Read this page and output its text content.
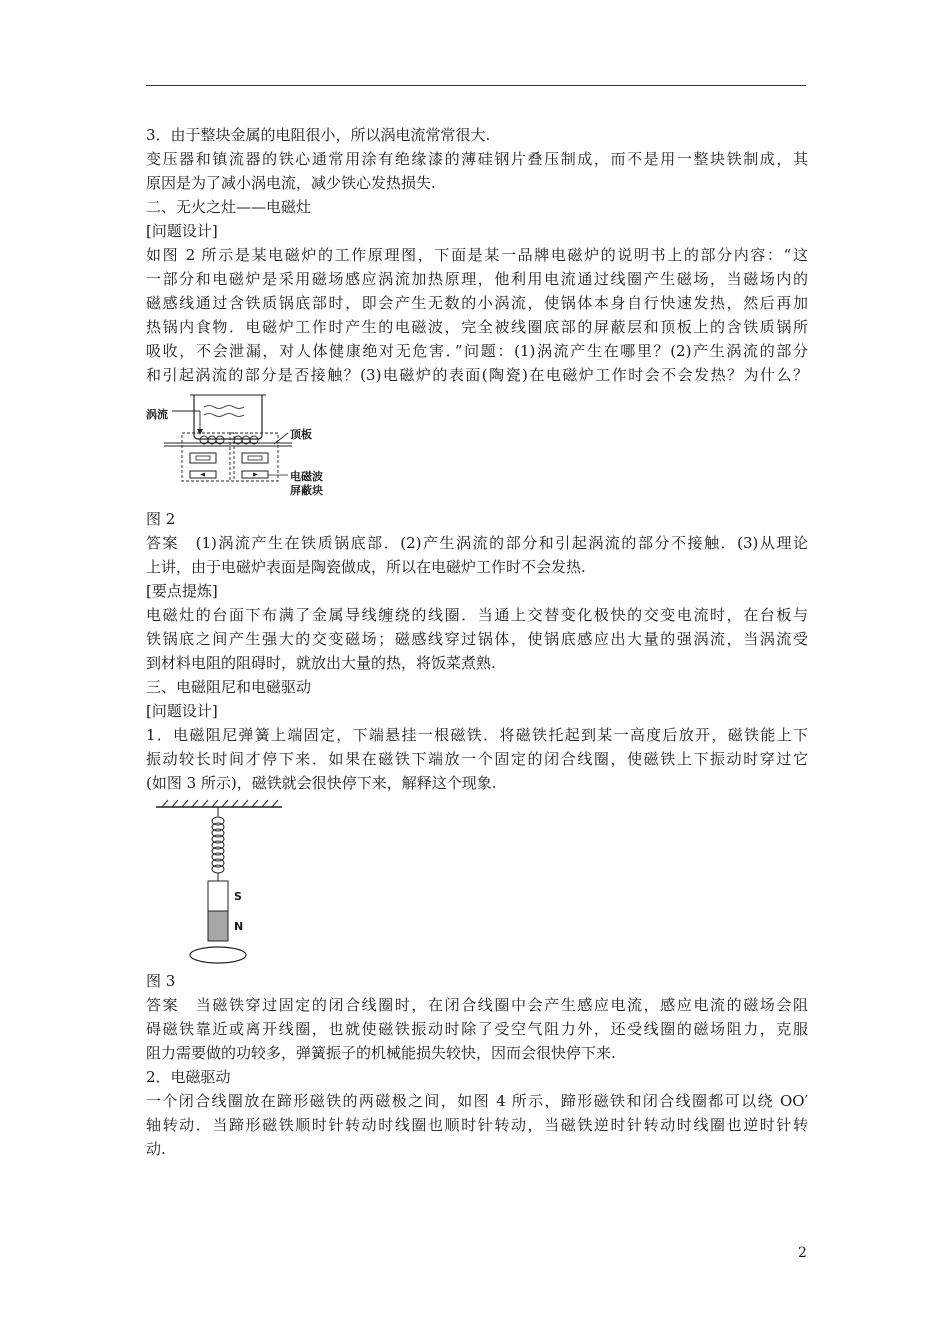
3．由于整块金属的电阻很小，所以涡电流常常很大.
变压器和镇流器的铁心通常用涂有绝缘漆的薄硅钢片叠压制成，而不是用一整块铁制成，其
原因是为了减小涡电流，减少铁心发热损失.
二、无火之灶——电磁灶
[问题设计]
如图 2 所示是某电磁炉的工作原理图，下面是某一品牌电磁炉的说明书上的部分内容：“这
一部分和电磁炉是采用磁场感应涡流加热原理，他利用电流通过线圈产生磁场，当磁场内的
磁感线通过含铁质锅底部时，即会产生无数的小涡流，使锅体本身自行快速发热，然后再加
热锅内食物．电磁炉工作时产生的电磁波，完全被线圈底部的屏蔽层和顶板上的含铁质锅所
吸收，不会泄漏，对人体健康绝对无危害．”问题：(1)涡流产生在哪里？(2)产生涡流的部分
和引起涡流的部分是否接触？(3)电磁炉的表面(陶瓷)在电磁炉工作时会不会发热？为什么？
涡流
顶板
电磁波
屏蔽块
图 2
答案　(1)涡流产生在铁质锅底部．(2)产生涡流的部分和引起涡流的部分不接触．(3)从理论
上讲，由于电磁炉表面是陶瓷做成，所以在电磁炉工作时不会发热.
[要点提炼]
电磁灶的台面下布满了金属导线缠绕的线圈．当通上交替变化极快的交变电流时，在台板与
铁锅底之间产生强大的交变磁场；磁感线穿过锅体，使锅底感应出大量的强涡流，当涡流受
到材料电阻的阻碍时，就放出大量的热，将饭菜煮熟.
三、电磁阻尼和电磁驱动
[问题设计]
1．电磁阻尼弹簧上端固定，下端悬挂一根磁铁．将磁铁托起到某一高度后放开，磁铁能上下
振动较长时间才停下来．如果在磁铁下端放一个固定的闭合线圈，使磁铁上下振动时穿过它
(如图 3 所示)，磁铁就会很快停下来，解释这个现象.
S
N
图 3
答案　当磁铁穿过固定的闭合线圈时，在闭合线圈中会产生感应电流，感应电流的磁场会阻
碍磁铁靠近或离开线圈，也就使磁铁振动时除了受空气阻力外，还受线圈的磁场阻力，克服
阻力需要做的功较多，弹簧振子的机械能损失较快，因而会很快停下来.
2．电磁驱动
一个闭合线圈放在蹄形磁铁的两磁极之间，如图 4 所示，蹄形磁铁和闭合线圈都可以绕 OO′
轴转动．当蹄形磁铁顺时针转动时线圈也顺时针转动，当磁铁逆时针转动时线圈也逆时针转
动.
2
